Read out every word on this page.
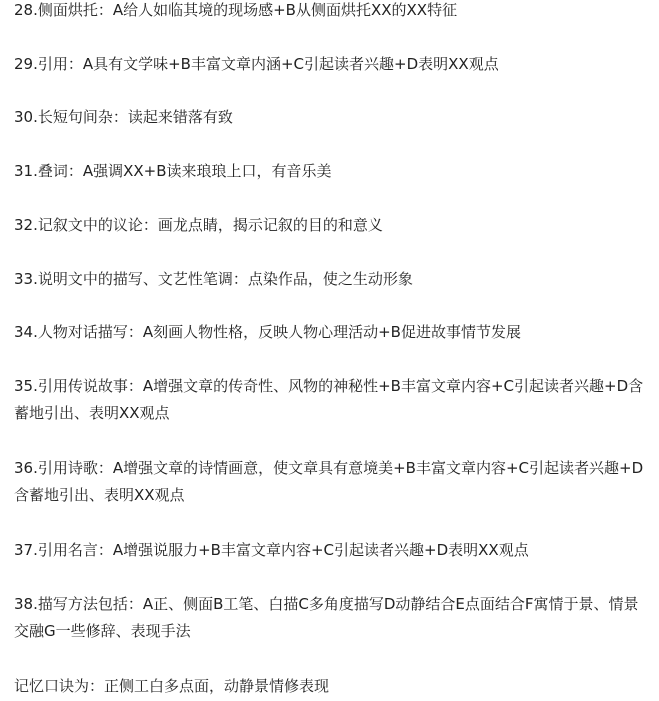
28.侧面烘托：A给人如临其境的现场感+B从侧面烘托XX的XX特征

29.引用：A具有文学味+B丰富文章内涵+C引起读者兴趣+D表明XX观点

30.长短句间杂：读起来错落有致

31.叠词：A强调XX+B读来琅琅上口，有音乐美

32.记叙文中的议论：画龙点睛，揭示记叙的目的和意义

33.说明文中的描写、文艺性笔调：点染作品，使之生动形象

34.人物对话描写：A刻画人物性格，反映人物心理活动+B促进故事情节发展

35.引用传说故事：A增强文章的传奇性、风物的神秘性+B丰富文章内容+C引起读者兴趣+D含蓄地引出、表明XX观点

36.引用诗歌：A增强文章的诗情画意，使文章具有意境美+B丰富文章内容+C引起读者兴趣+D含蓄地引出、表明XX观点

37.引用名言：A增强说服力+B丰富文章内容+C引起读者兴趣+D表明XX观点

38.描写方法包括：A正、侧面B工笔、白描C多角度描写D动静结合E点面结合F寓情于景、情景交融G一些修辞、表现手法

记忆口诀为：正侧工白多点面，动静景情修表现
